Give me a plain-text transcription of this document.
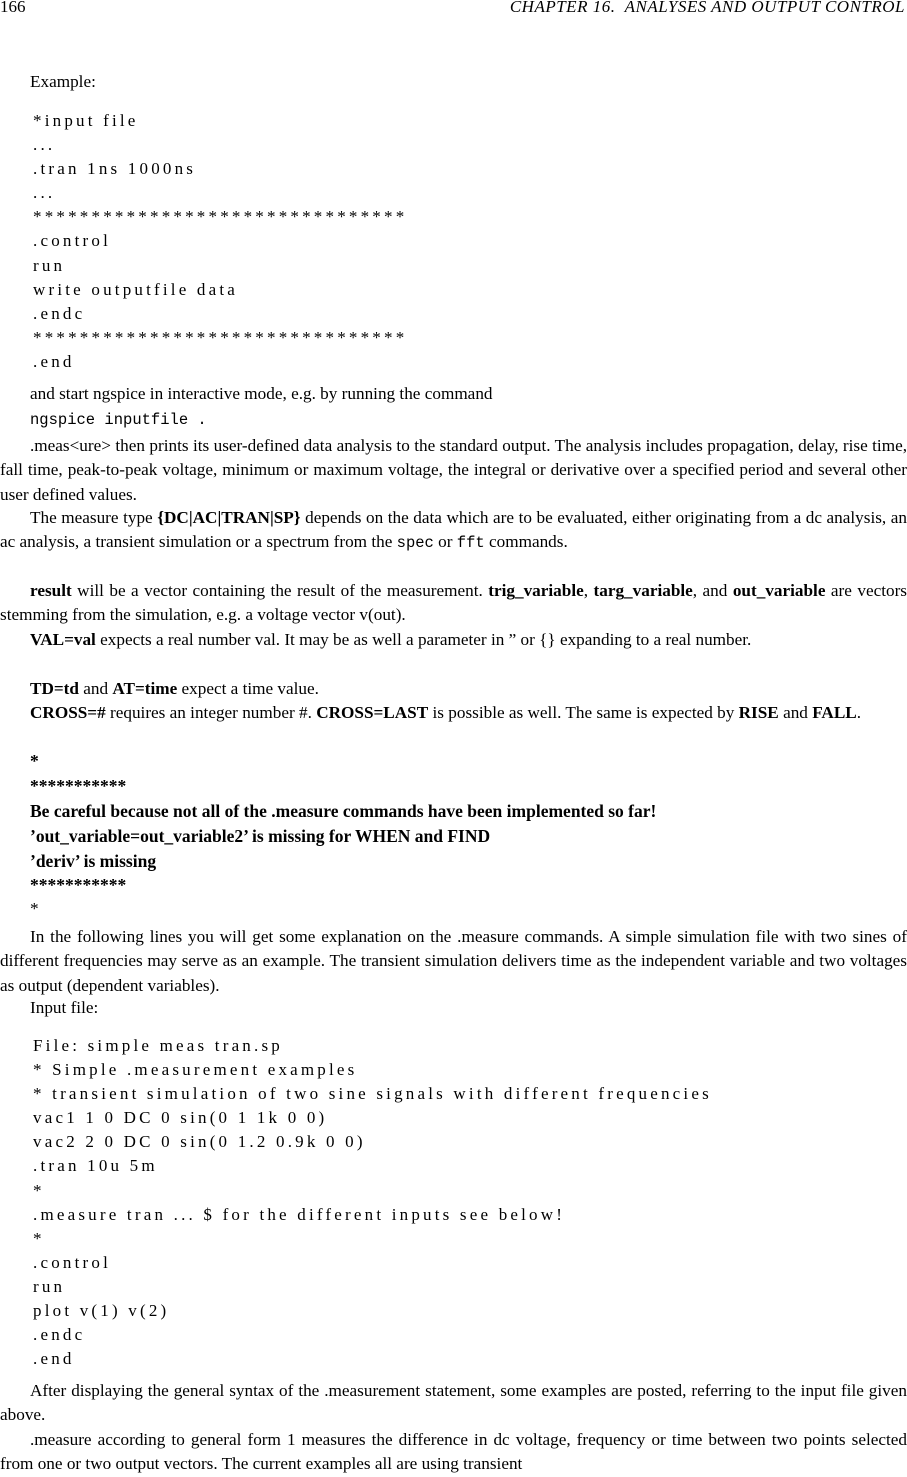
166	CHAPTER 16.  ANALYSES AND OUTPUT CONTROL
Example:
*input file
...
.tran 1ns 1000ns
...
********************************
.control
run
write outputfile data
.endc
********************************
.end
and start ngspice in interactive mode, e.g. by running the command
ngspice inputfile .
.meas<ure> then prints its user-defined data analysis to the standard output. The analysis includes propagation, delay, rise time, fall time, peak-to-peak voltage, minimum or maximum voltage, the integral or derivative over a specified period and several other user defined values.
The measure type {DC|AC|TRAN|SP} depends on the data which are to be evaluated, either originating from a dc analysis, an ac analysis, a transient simulation or a spectrum from the spec or fft commands.
result will be a vector containing the result of the measurement. trig_variable, targ_variable, and out_variable are vectors stemming from the simulation, e.g. a voltage vector v(out).
VAL=val expects a real number val. It may be as well a parameter in ” or {} expanding to a real number.
TD=td and AT=time expect a time value.
CROSS=# requires an integer number #. CROSS=LAST is possible as well. The same is expected by RISE and FALL.
*
***********
Be careful because not all of the .measure commands have been implemented so far!
’out_variable=out_variable2’ is missing for WHEN and FIND
’deriv’ is missing
***********
*
In the following lines you will get some explanation on the .measure commands. A simple simulation file with two sines of different frequencies may serve as an example. The transient simulation delivers time as the independent variable and two voltages as output (dependent variables).
Input file:
File: simple meas tran.sp
* Simple .measurement examples
* transient simulation of two sine signals with different frequencies
vac1 1 0 DC 0 sin(0 1 1k 0 0)
vac2 2 0 DC 0 sin(0 1.2 0.9k 0 0)
.tran 10u 5m
*
.measure tran ... $ for the different inputs see below!
*
.control
run
plot v(1) v(2)
.endc
.end
After displaying the general syntax of the .measurement statement, some examples are posted, referring to the input file given above.
.measure according to general form 1 measures the difference in dc voltage, frequency or time between two points selected from one or two output vectors. The current examples all are using transient
